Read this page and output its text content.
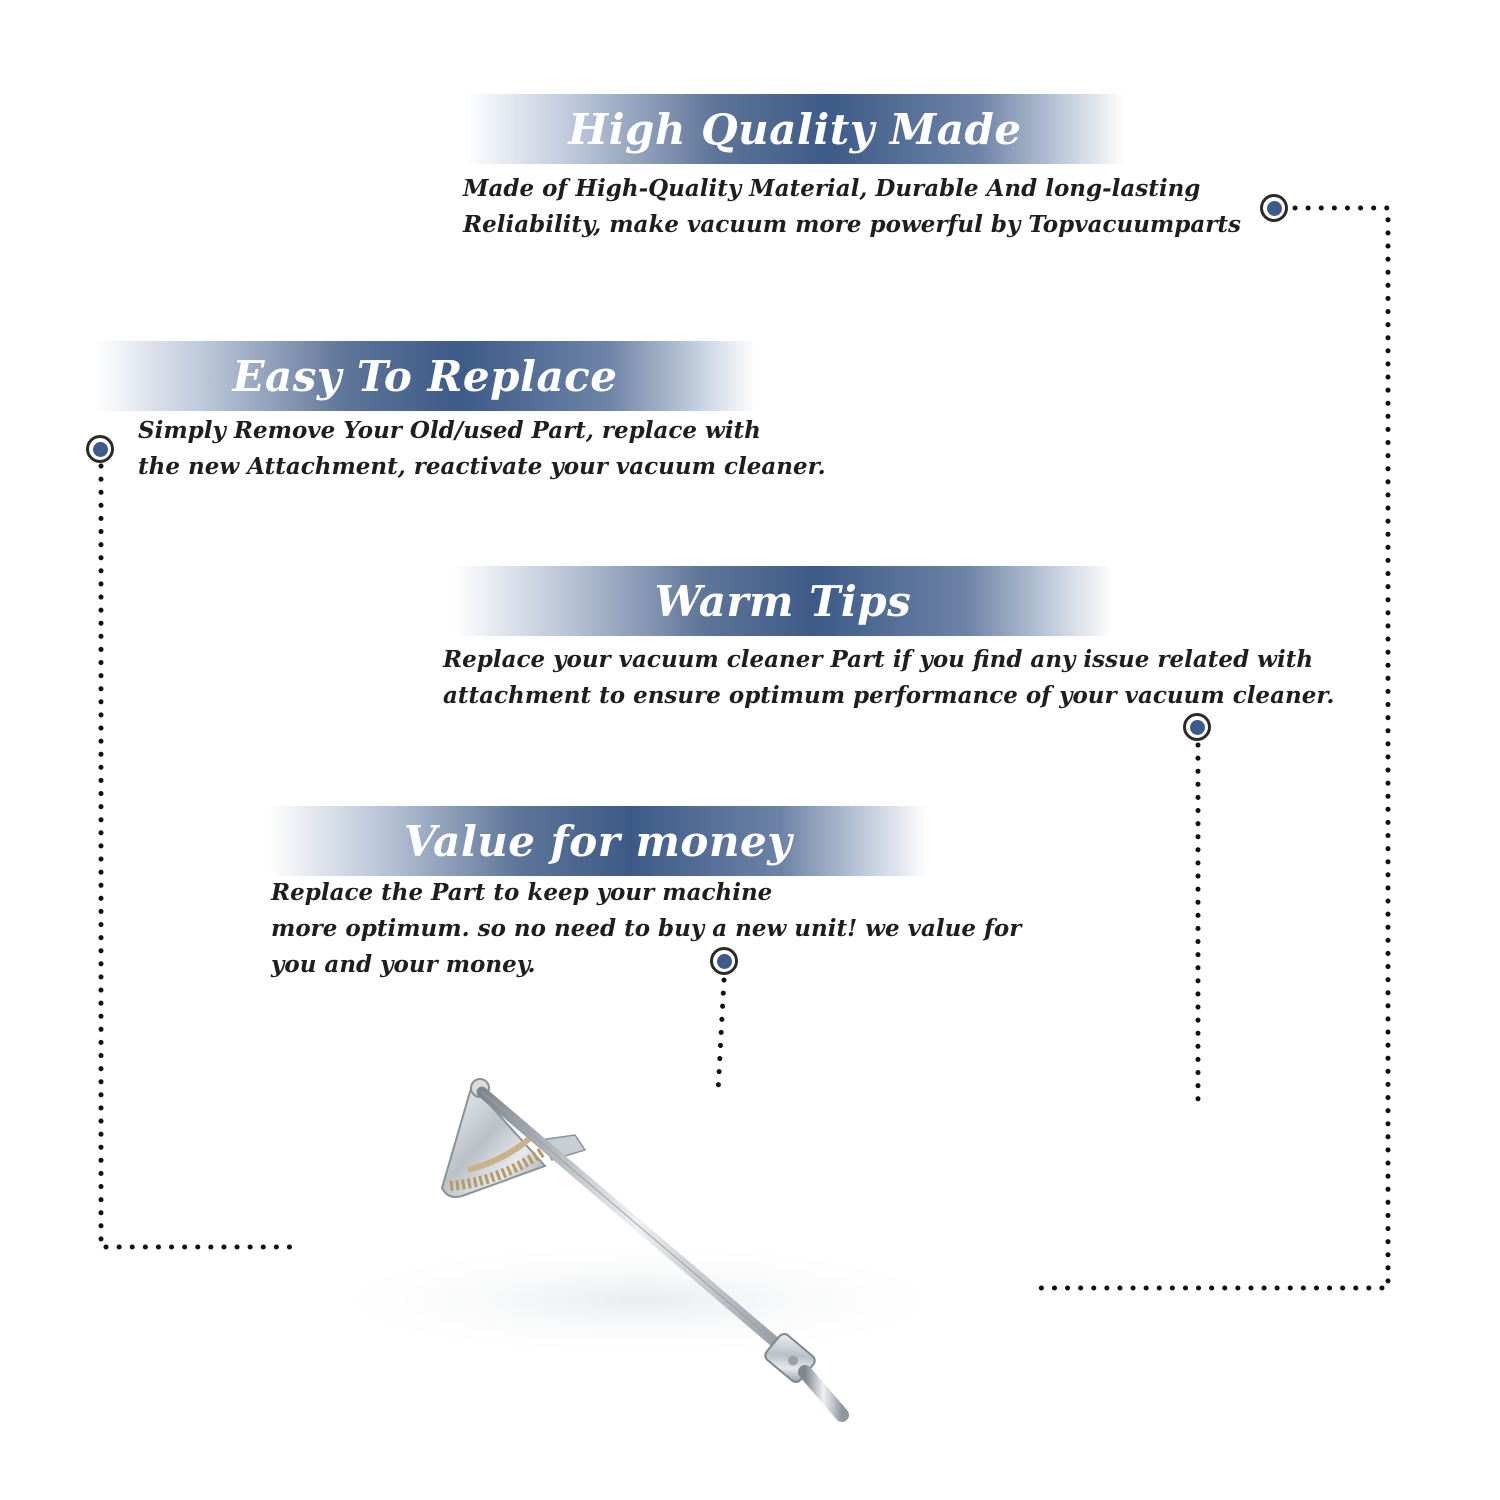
High Quality Made
Made of High-Quality Material, Durable And long-lasting
Reliability, make vacuum more powerful by Topvacuumparts
Easy To Replace
Simply Remove Your Old/used Part, replace with
the new Attachment, reactivate your vacuum cleaner.
Warm Tips
Replace your vacuum cleaner Part if you find any issue related with
attachment to ensure optimum performance of your vacuum cleaner.
Value for money
Replace the Part to keep your machine
more optimum. so no need to buy a new unit! we value for
you and your money.
